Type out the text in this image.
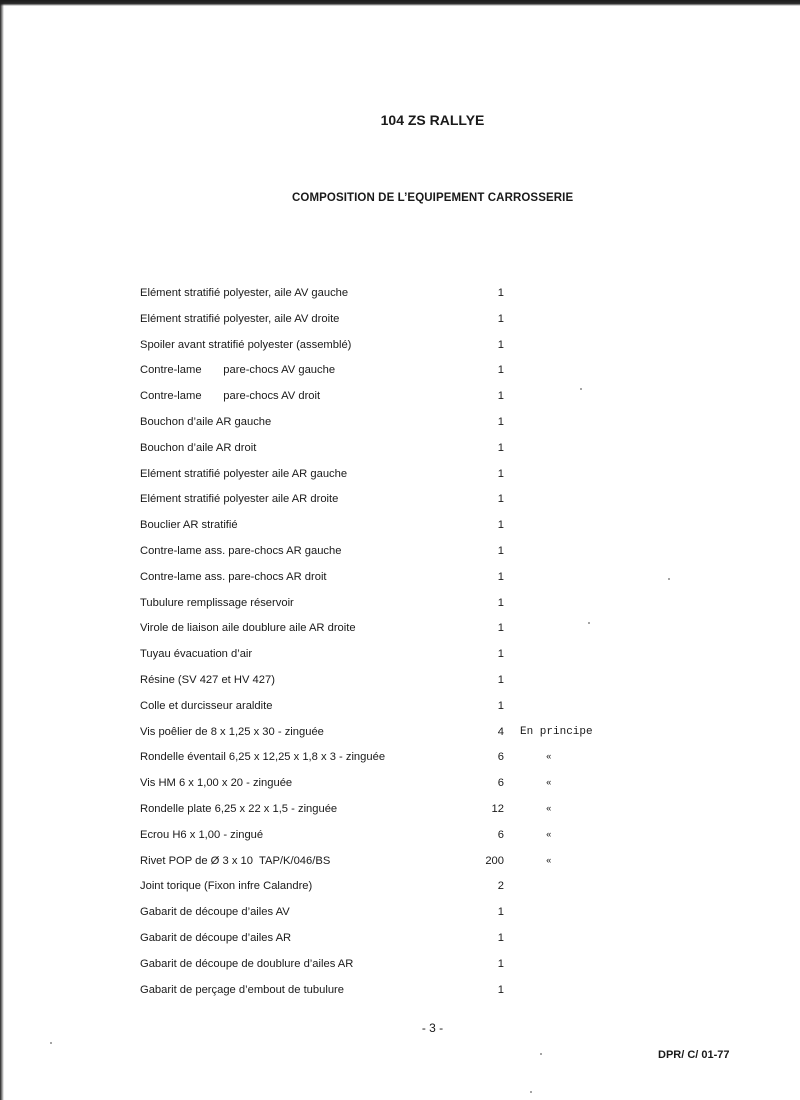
104 ZS RALLYE
COMPOSITION DE L’EQUIPEMENT CARROSSERIE
Elément stratifié polyester, aile AV gauche	1
Elément stratifié polyester, aile AV droite	1
Spoiler avant stratifié polyester (assemblé)	1
Contre-lame       pare-chocs AV gauche	1
Contre-lame       pare-chocs AV droit	1
Bouchon d’aile AR gauche	1
Bouchon d’aile AR droit	1
Elément stratifié polyester aile AR gauche	1
Elément stratifié polyester aile AR droite	1
Bouclier AR stratifié	1
Contre-lame ass. pare-chocs AR gauche	1
Contre-lame ass. pare-chocs AR droit	1
Tubulure remplissage réservoir	1
Virole de liaison aile doublure aile AR droite	1
Tuyau évacuation d’air	1
Résine (SV 427 et HV 427)	1
Colle et durcisseur araldite	1
Vis poêlier de 8 x 1,25 x 30 - zinguée	4 En principe
Rondelle éventail 6,25 x 12,25 x 1,8 x 3 - zinguée	6	«
Vis HM 6 x 1,00 x 20 - zinguée	6	«
Rondelle plate 6,25 x 22 x 1,5 - zinguée	12	«
Ecrou H6 x 1,00 - zingué	6	«
Rivet POP de Ø 3 x 10  TAP/K/046/BS	200	«
Joint torique (Fixon infre Calandre)	2
Gabarit de découpe d’ailes AV	1
Gabarit de découpe d’ailes AR	1
Gabarit de découpe de doublure d’ailes AR	1
Gabarit de perçage d’embout de tubulure	1
- 3 -
DPR/ C/ 01-77
